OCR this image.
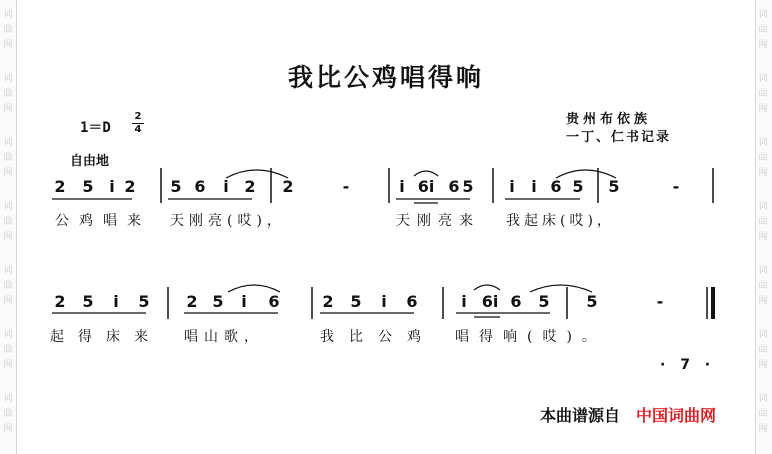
词
曲
网
词
曲
网
词
曲
网
词
曲
网
词
曲
网
词
曲
网
词
曲
网
词
曲
网
词
曲
网
词
曲
网
词
曲
网
词
曲
网
词
曲
网
词
曲
网
我比公鸡唱得响
1＝D
2
4
贵州布依族
一丁、仁书记录
自由地
2 5 i 2 5 6 i 2 2	-	i 6i 6 5 i i 6 5 5	-
2 5 i 5 2 5 i 6	2 5 i 6	i 6i 6 5 5	-
公鸡唱来 天刚亮(哎)，	天刚亮来 我起床(哎)，
起得床来 唱山歌，	我比公鸡 唱得响(哎)。
· 7 ·
本曲谱源自 中国词曲网
